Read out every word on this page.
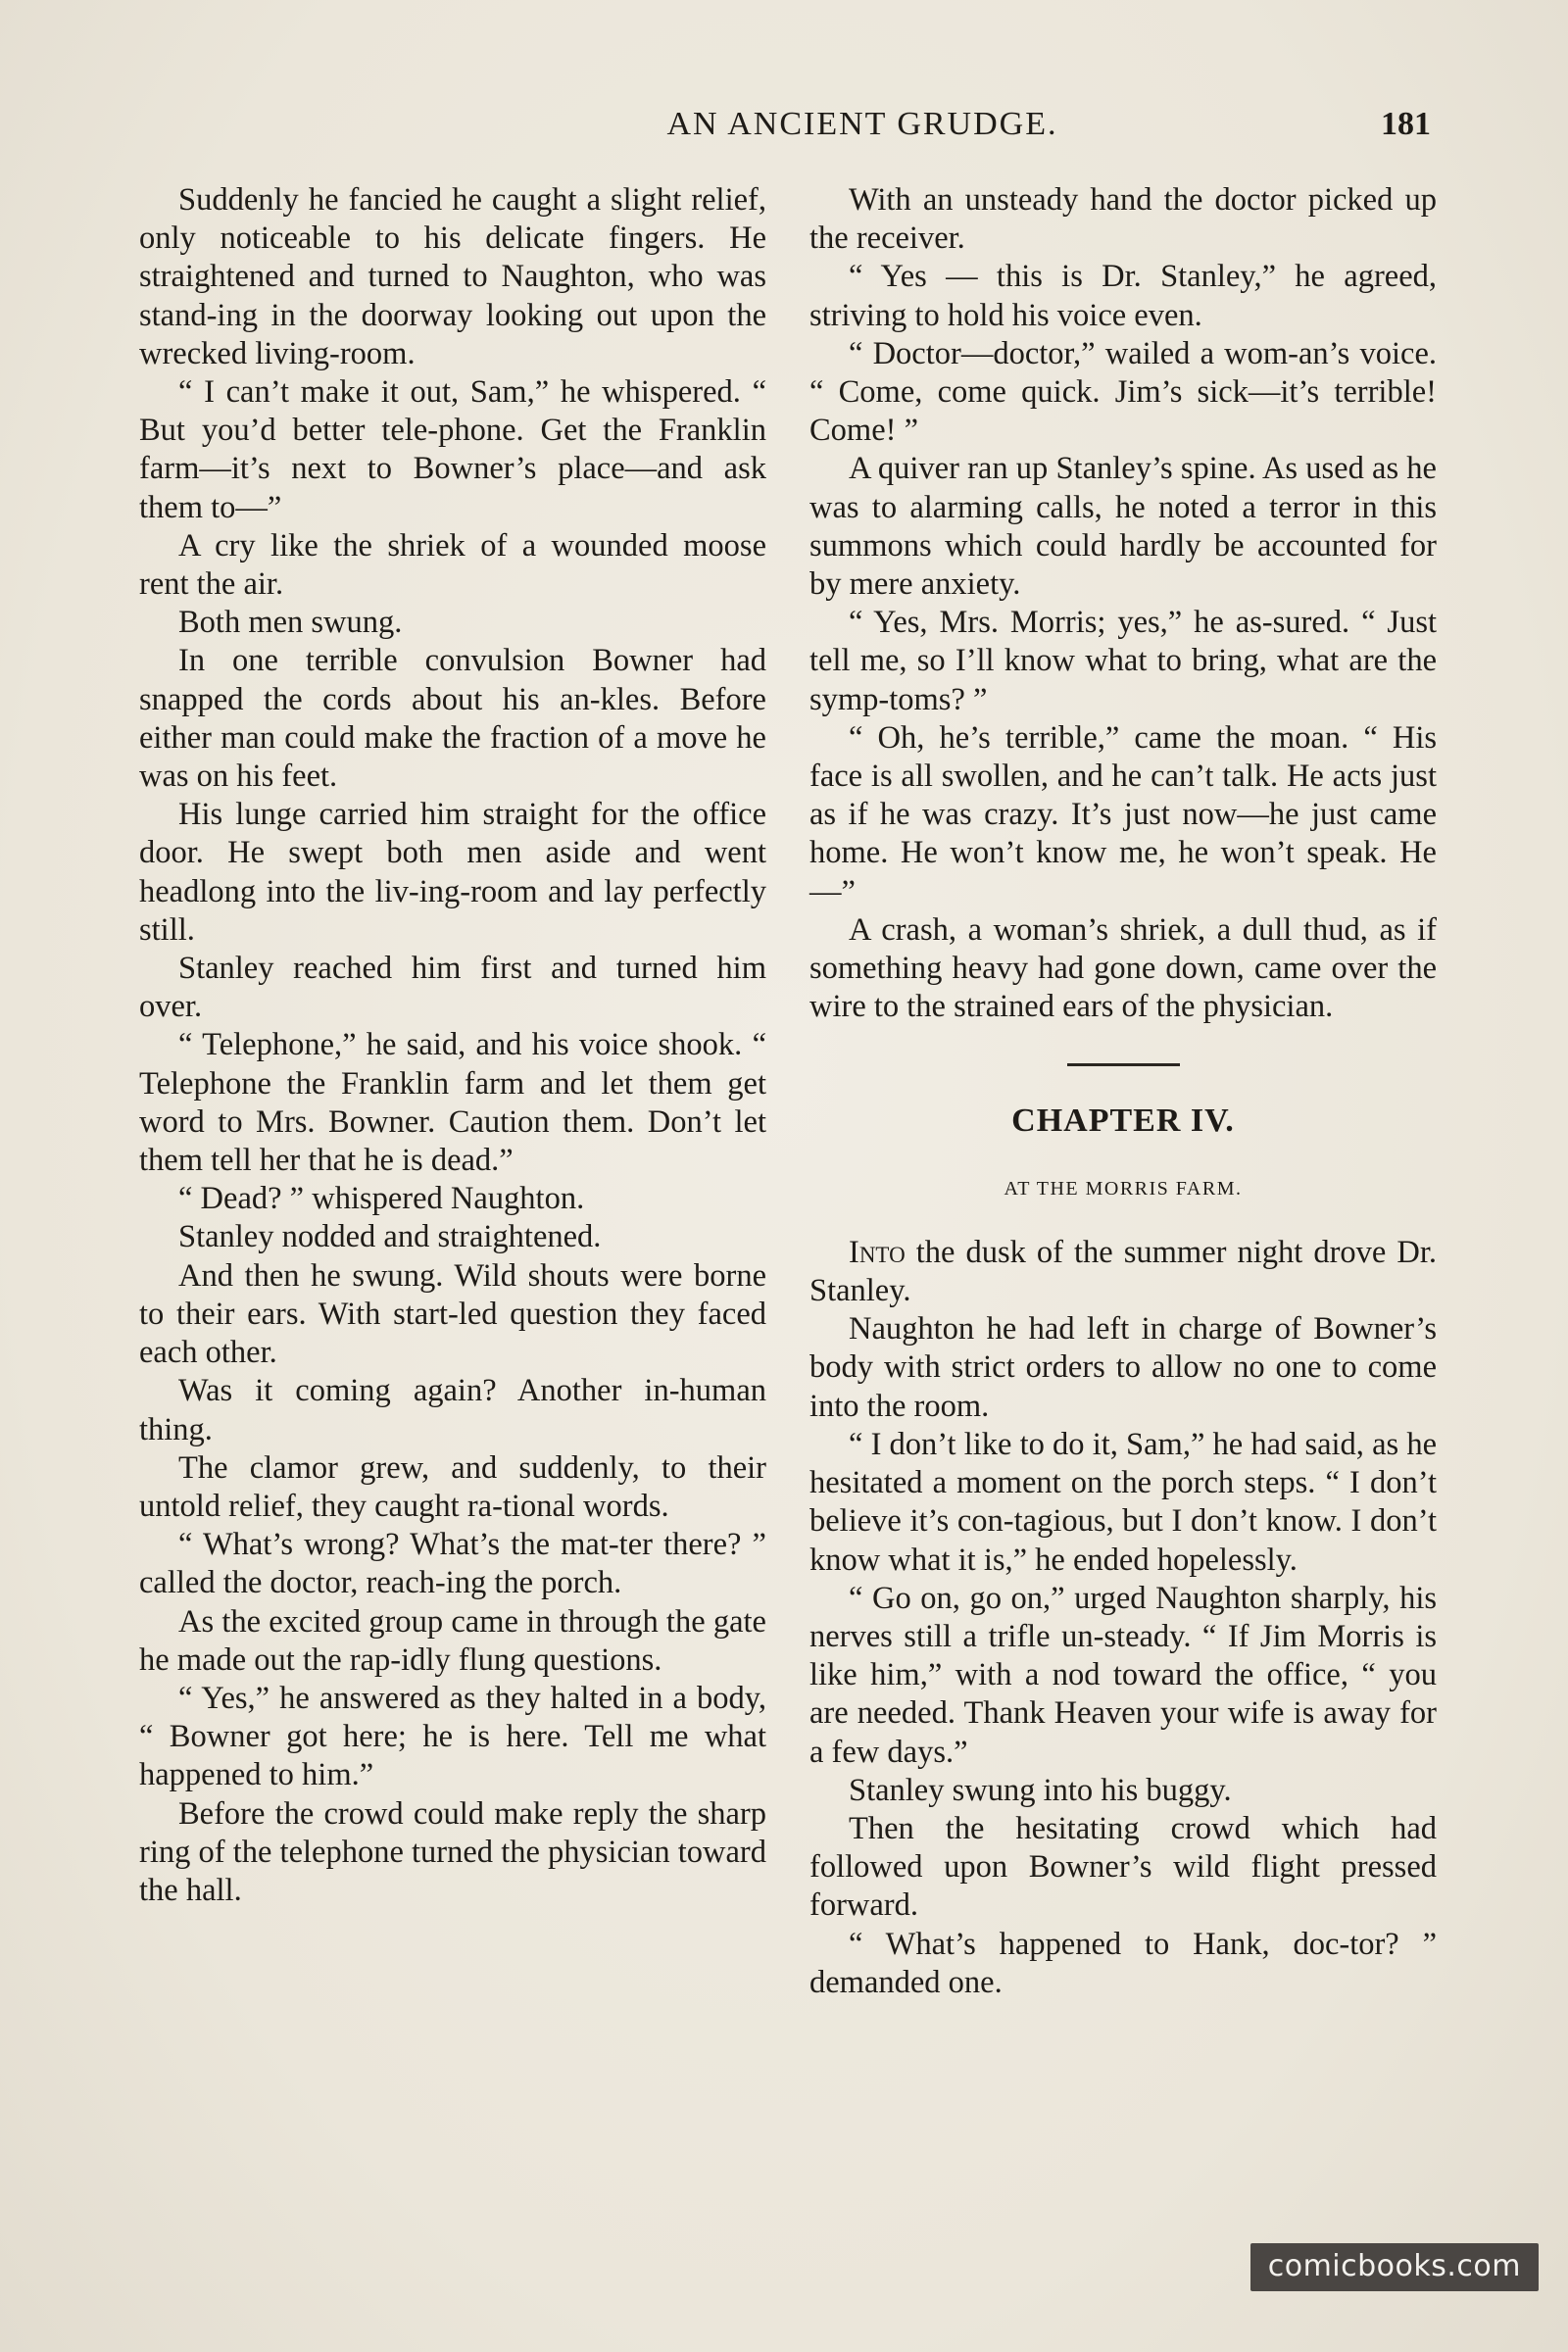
AN ANCIENT GRUDGE.	181

Suddenly he fancied he caught a slight relief, only noticeable to his delicate fingers. He straightened and turned to Naughton, who was stand-ing in the doorway looking out upon the wrecked living-room.

“ I can’t make it out, Sam,” he whispered. “ But you’d better tele-phone. Get the Franklin farm—it’s next to Bowner’s place—and ask them to—”

A cry like the shriek of a wounded moose rent the air.

Both men swung.

In one terrible convulsion Bowner had snapped the cords about his an-kles. Before either man could make the fraction of a move he was on his feet.

His lunge carried him straight for the office door. He swept both men aside and went headlong into the liv-ing-room and lay perfectly still.

Stanley reached him first and turned him over.

“ Telephone,” he said, and his voice shook. “ Telephone the Franklin farm and let them get word to Mrs. Bowner. Caution them. Don’t let them tell her that he is dead.”

“ Dead? ” whispered Naughton.

Stanley nodded and straightened.

And then he swung. Wild shouts were borne to their ears. With start-led question they faced each other.

Was it coming again? Another in-human thing.

The clamor grew, and suddenly, to their untold relief, they caught ra-tional words.

“ What’s wrong? What’s the mat-ter there? ” called the doctor, reach-ing the porch.

As the excited group came in through the gate he made out the rap-idly flung questions.

“ Yes,” he answered as they halted in a body, “ Bowner got here; he is here. Tell me what happened to him.”

Before the crowd could make reply the sharp ring of the telephone turned the physician toward the hall.

With an unsteady hand the doctor picked up the receiver.

“ Yes — this is Dr. Stanley,” he agreed, striving to hold his voice even.

“ Doctor—doctor,” wailed a wom-an’s voice. “ Come, come quick. Jim’s sick—it’s terrible! Come! ”

A quiver ran up Stanley’s spine. As used as he was to alarming calls, he noted a terror in this summons which could hardly be accounted for by mere anxiety.

“ Yes, Mrs. Morris; yes,” he as-sured. “ Just tell me, so I’ll know what to bring, what are the symp-toms? ”

“ Oh, he’s terrible,” came the moan. “ His face is all swollen, and he can’t talk. He acts just as if he was crazy. It’s just now—he just came home. He won’t know me, he won’t speak. He—”

A crash, a woman’s shriek, a dull thud, as if something heavy had gone down, came over the wire to the strained ears of the physician.

CHAPTER IV.
AT THE MORRIS FARM.

Into the dusk of the summer night drove Dr. Stanley.

Naughton he had left in charge of Bowner’s body with strict orders to allow no one to come into the room.

“ I don’t like to do it, Sam,” he had said, as he hesitated a moment on the porch steps. “ I don’t believe it’s con-tagious, but I don’t know. I don’t know what it is,” he ended hopelessly.

“ Go on, go on,” urged Naughton sharply, his nerves still a trifle un-steady. “ If Jim Morris is like him,” with a nod toward the office, “ you are needed. Thank Heaven your wife is away for a few days.”

Stanley swung into his buggy.

Then the hesitating crowd which had followed upon Bowner’s wild flight pressed forward.

“ What’s happened to Hank, doc-tor? ” demanded one.

comicbooks.com
